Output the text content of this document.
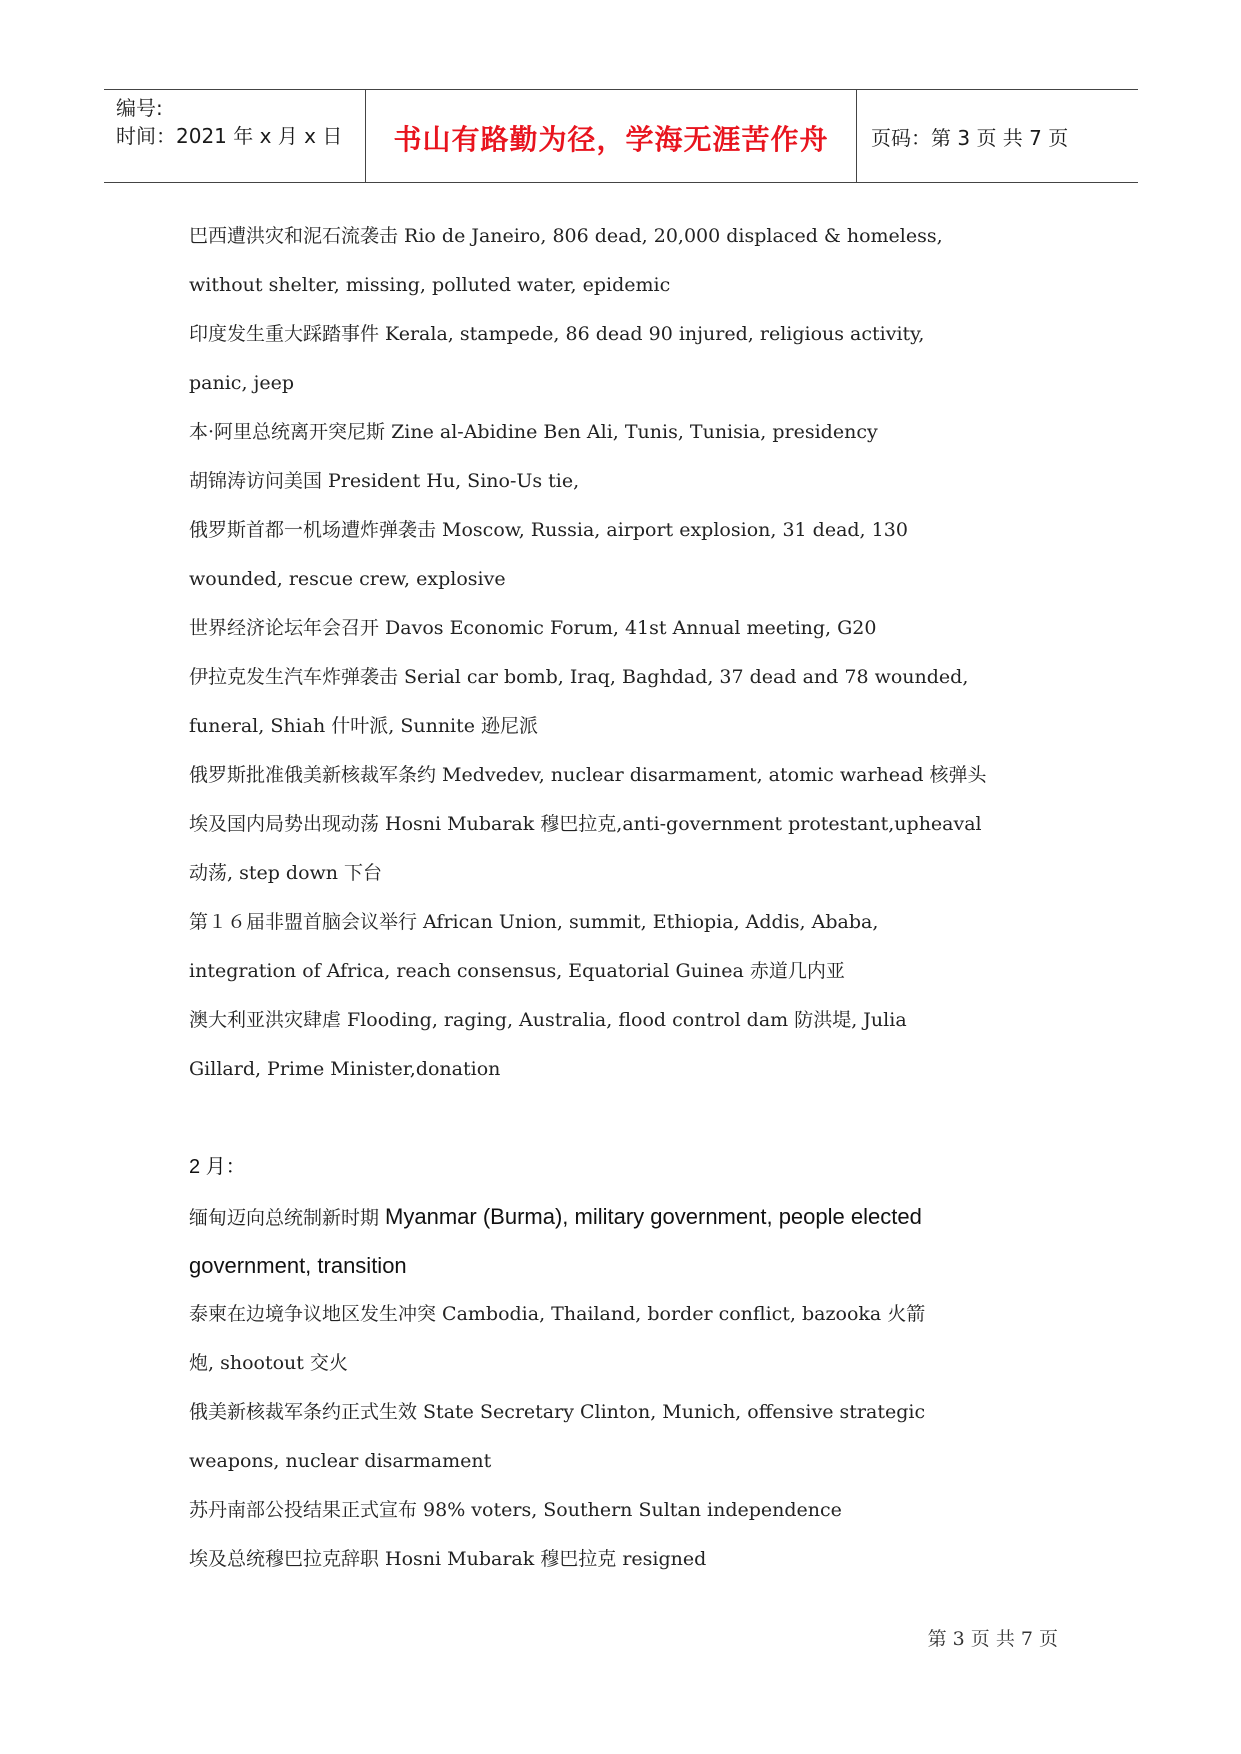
编号:
时间：2021 年 x 月 x 日	书山有路勤为径，学海无涯苦作舟	页码：第 3 页 共 7 页
巴西遭洪灾和泥石流袭击 Rio de Janeiro, 806 dead, 20,000 displaced & homeless,
without shelter, missing, polluted water, epidemic
印度发生重大踩踏事件 Kerala, stampede, 86 dead 90 injured, religious activity,
panic, jeep
本·阿里总统离开突尼斯 Zine al-Abidine Ben Ali, Tunis, Tunisia, presidency
胡锦涛访问美国 President Hu, Sino-Us tie,
俄罗斯首都一机场遭炸弹袭击 Moscow, Russia, airport explosion, 31 dead, 130
wounded, rescue crew, explosive
世界经济论坛年会召开 Davos Economic Forum, 41st Annual meeting, G20
伊拉克发生汽车炸弹袭击 Serial car bomb, Iraq, Baghdad, 37 dead and 78 wounded,
funeral, Shiah 什叶派, Sunnite 逊尼派
俄罗斯批准俄美新核裁军条约 Medvedev, nuclear disarmament, atomic warhead 核弹头
埃及国内局势出现动荡 Hosni Mubarak 穆巴拉克,anti-government protestant,upheaval
动荡, step down 下台
第１６届非盟首脑会议举行 African Union, summit, Ethiopia, Addis, Ababa,
integration of Africa, reach consensus, Equatorial Guinea 赤道几内亚
澳大利亚洪灾肆虐 Flooding, raging, Australia, flood control dam 防洪堤, Julia
Gillard, Prime Minister,donation
2 月：
缅甸迈向总统制新时期 Myanmar (Burma), military government, people elected
government, transition
泰柬在边境争议地区发生冲突 Cambodia, Thailand, border conflict, bazooka 火箭
炮, shootout 交火
俄美新核裁军条约正式生效 State Secretary Clinton, Munich, offensive strategic
weapons, nuclear disarmament
苏丹南部公投结果正式宣布 98% voters, Southern Sultan independence
埃及总统穆巴拉克辞职 Hosni Mubarak 穆巴拉克 resigned
第 3 页 共 7 页
